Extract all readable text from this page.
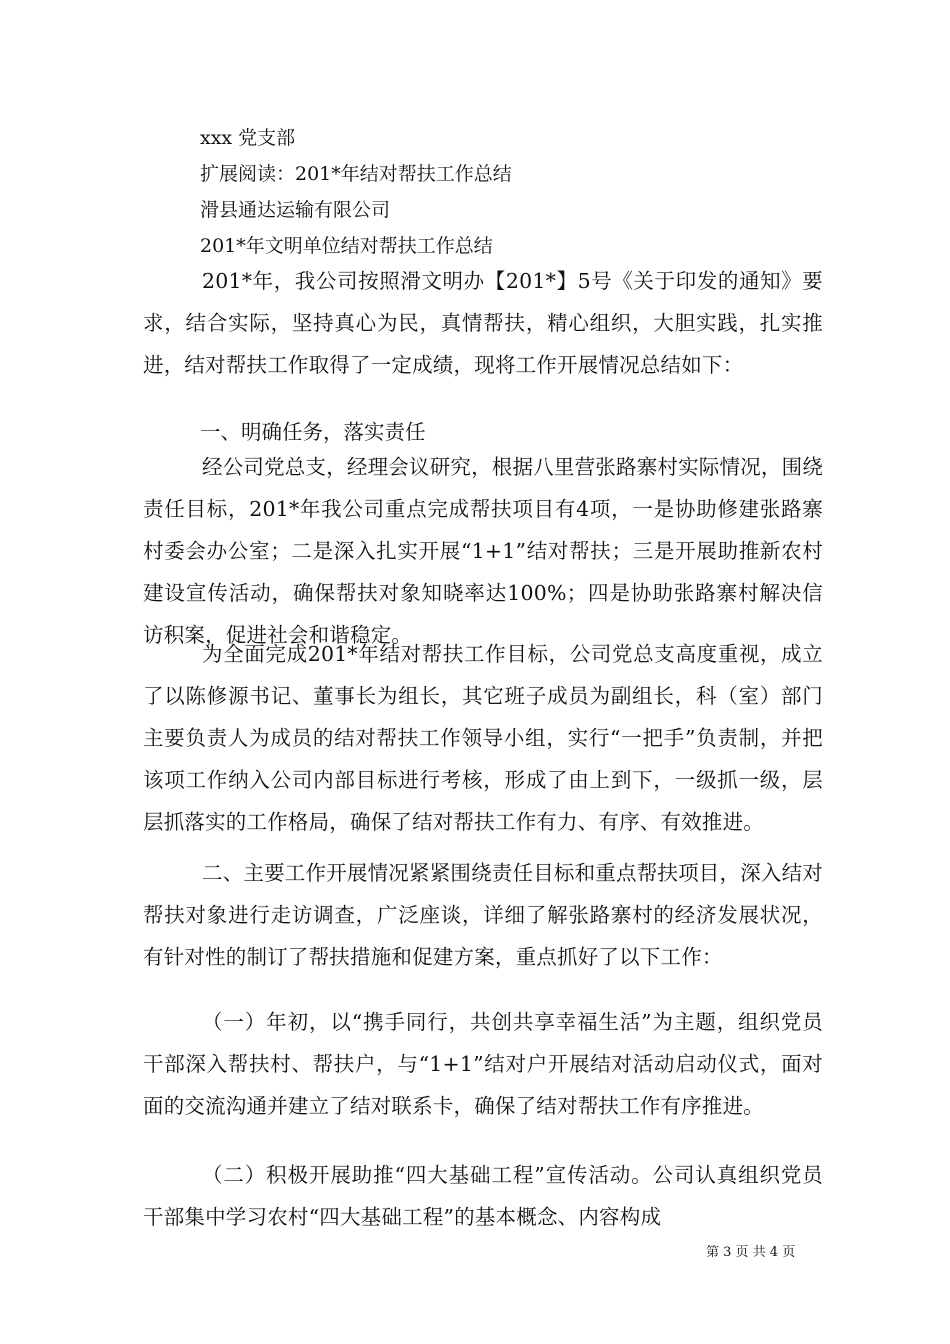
xxx 党支部
扩展阅读：201*年结对帮扶工作总结
滑县通达运输有限公司
201*年文明单位结对帮扶工作总结
201*年，我公司按照滑文明办【201*】5号《关于印发的通知》要求，结合实际，坚持真心为民，真情帮扶，精心组织，大胆实践，扎实推进，结对帮扶工作取得了一定成绩，现将工作开展情况总结如下：
一、明确任务，落实责任
经公司党总支，经理会议研究，根据八里营张路寨村实际情况，围绕责任目标，201*年我公司重点完成帮扶项目有4项，一是协助修建张路寨村委会办公室；二是深入扎实开展“1+1”结对帮扶；三是开展助推新农村建设宣传活动，确保帮扶对象知晓率达100%；四是协助张路寨村解决信访积案，促进社会和谐稳定。
为全面完成201*年结对帮扶工作目标，公司党总支高度重视，成立了以陈修源书记、董事长为组长，其它班子成员为副组长，科（室）部门主要负责人为成员的结对帮扶工作领导小组，实行“一把手”负责制，并把该项工作纳入公司内部目标进行考核，形成了由上到下，一级抓一级，层层抓落实的工作格局，确保了结对帮扶工作有力、有序、有效推进。
二、主要工作开展情况紧紧围绕责任目标和重点帮扶项目，深入结对帮扶对象进行走访调查，广泛座谈，详细了解张路寨村的经济发展状况，有针对性的制订了帮扶措施和促建方案，重点抓好了以下工作：
（一）年初，以“携手同行，共创共享幸福生活”为主题，组织党员干部深入帮扶村、帮扶户，与“1+1”结对户开展结对活动启动仪式，面对面的交流沟通并建立了结对联系卡，确保了结对帮扶工作有序推进。
（二）积极开展助推“四大基础工程”宣传活动。公司认真组织党员干部集中学习农村“四大基础工程”的基本概念、内容构成
第 3 页 共 4 页
